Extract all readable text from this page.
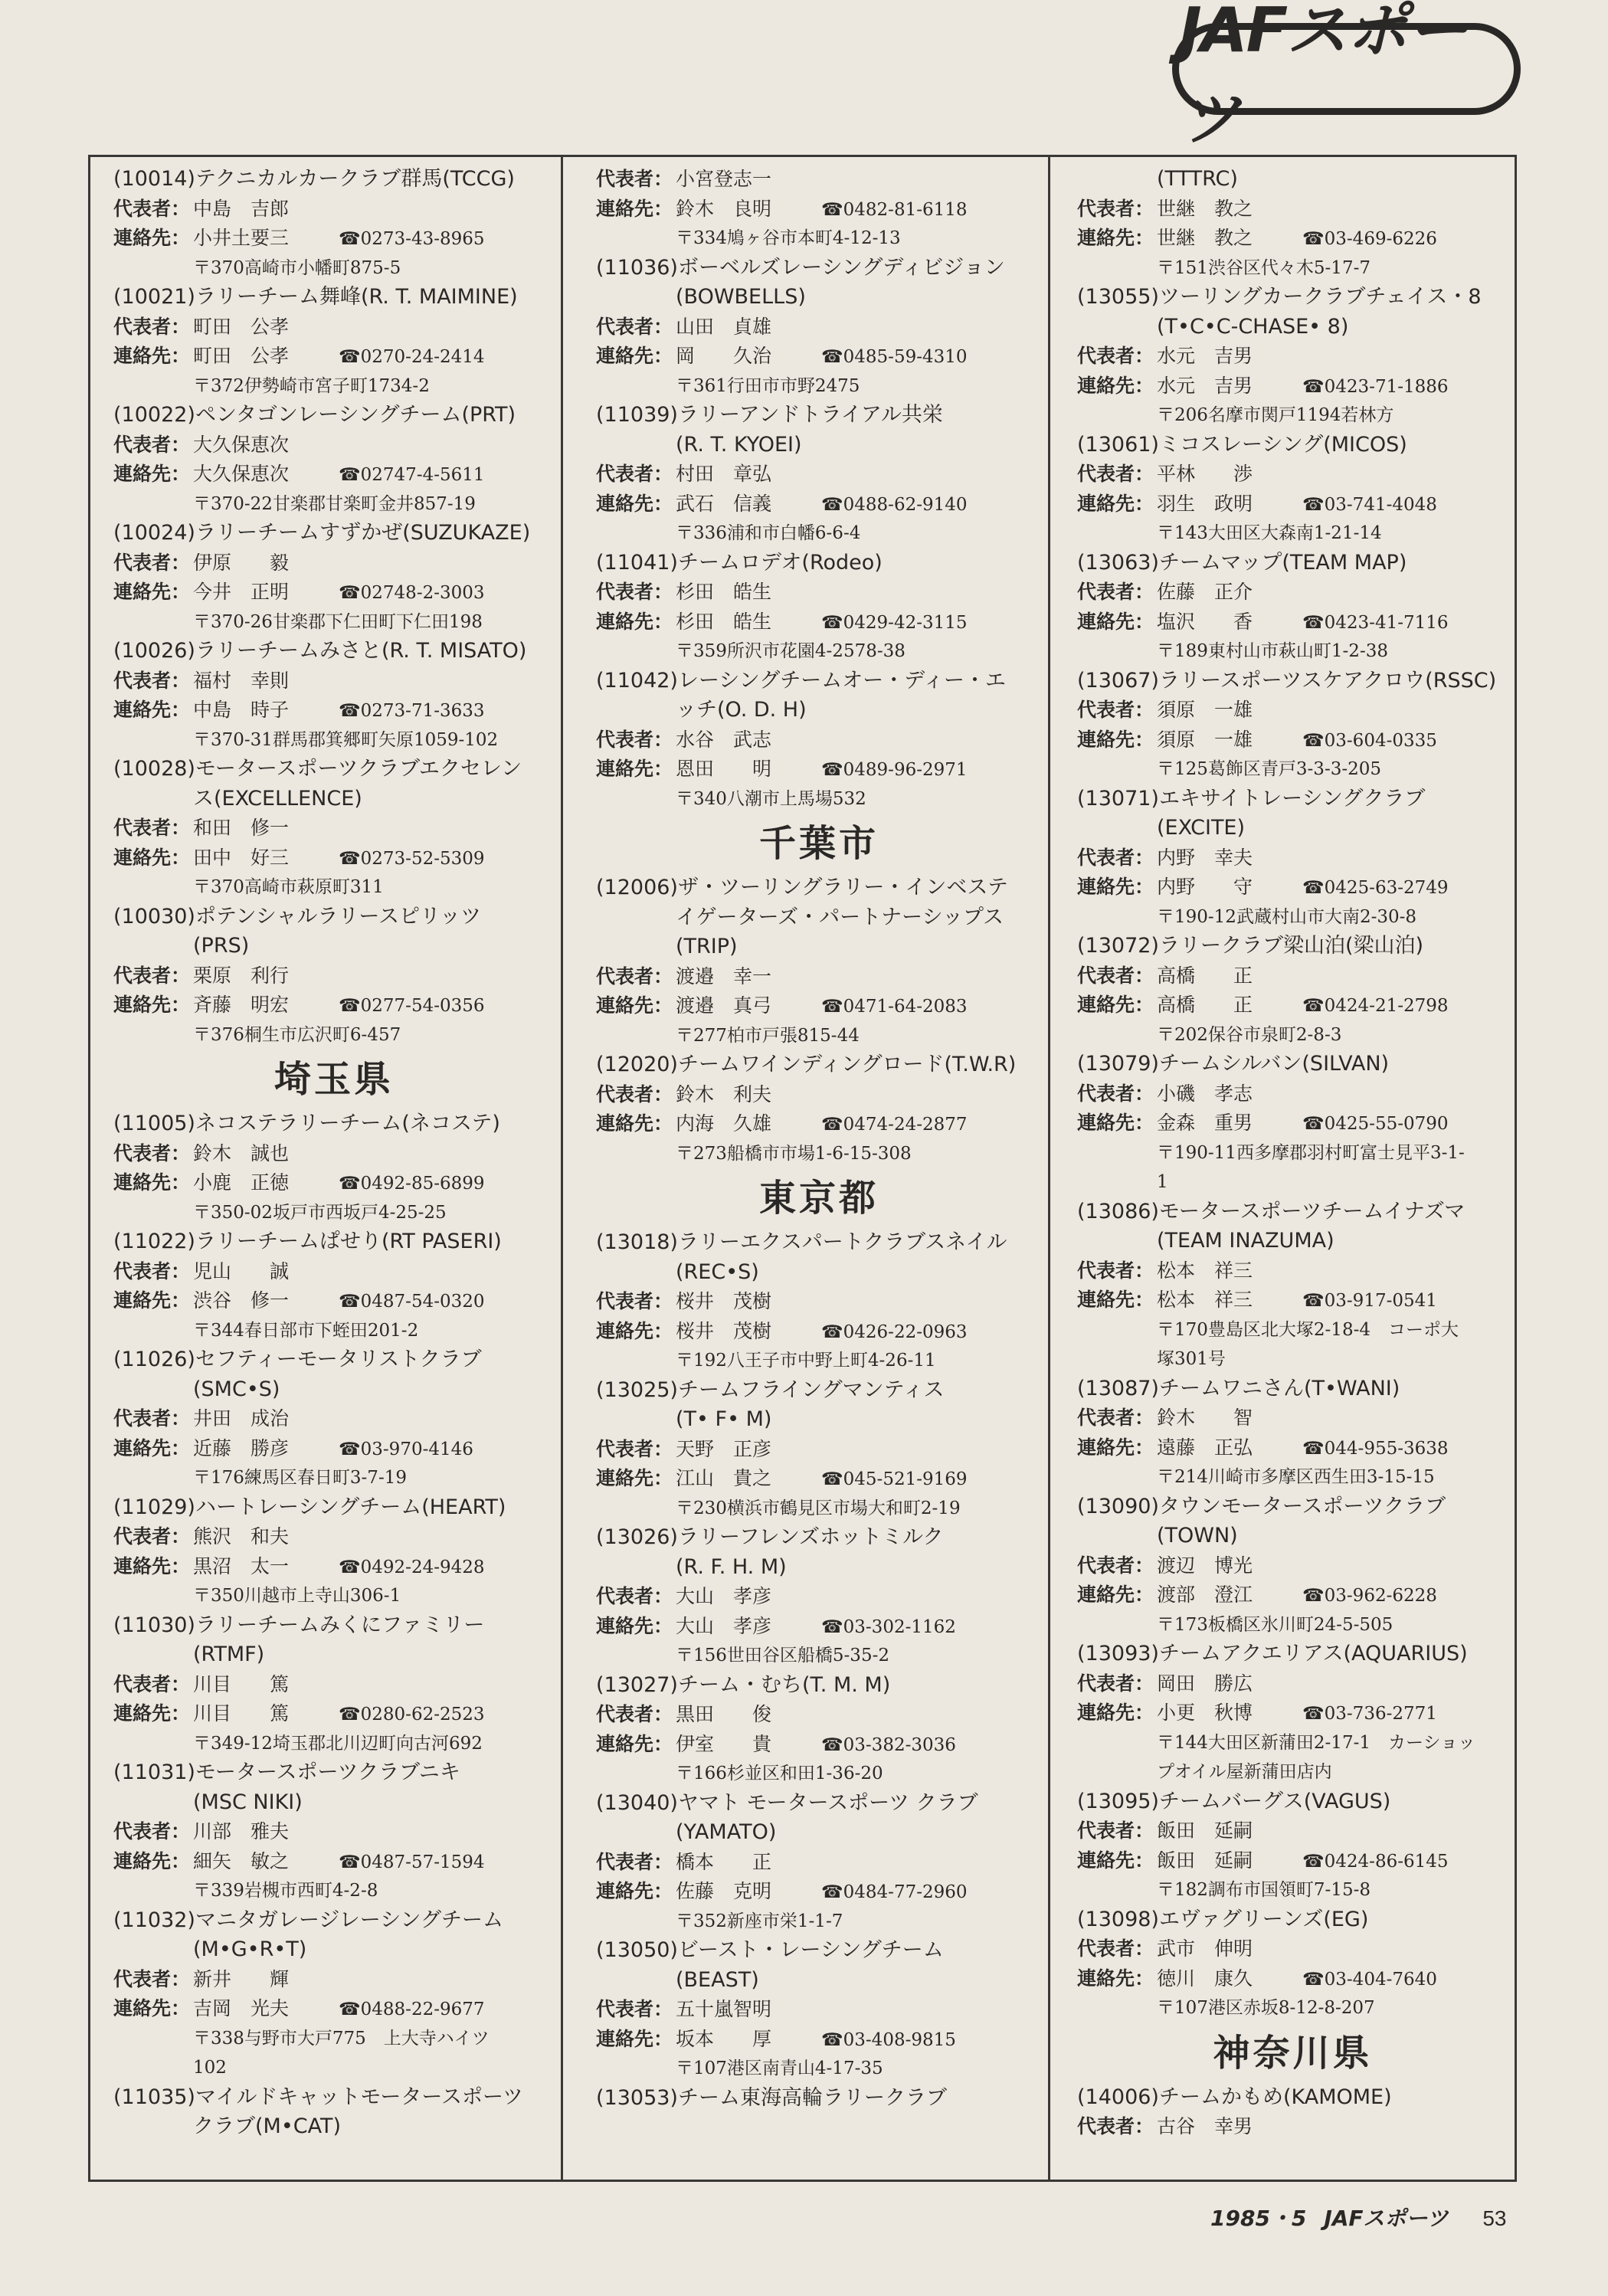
JAFスポーツ
(10014)テクニカルカークラブ群馬(TCCG)
代表者： 中島　吉郎
連絡先： 小井土要三	☎0273-43-8965
〒370高崎市小幡町875-5
(10021)ラリーチーム舞峰(R. T. MAIMINE)
代表者： 町田　公孝
連絡先： 町田　公孝	☎0270-24-2414
〒372伊勢崎市宮子町1734-2
(10022)ペンタゴンレーシングチーム(PRT)
代表者： 大久保恵次
連絡先： 大久保恵次	☎02747-4-5611
〒370-22甘楽郡甘楽町金井857-19
(10024)ラリーチームすずかぜ(SUZUKAZE)
代表者： 伊原　　毅
連絡先： 今井　正明	☎02748-2-3003
〒370-26甘楽郡下仁田町下仁田198
(10026)ラリーチームみさと(R. T. MISATO)
代表者： 福村　幸則
連絡先： 中島　時子	☎0273-71-3633
〒370-31群馬郡箕郷町矢原1059-102
(10028)モータースポーツクラブエクセレン
ス(EXCELLENCE)
代表者： 和田　修一
連絡先： 田中　好三	☎0273-52-5309
〒370高崎市萩原町311
(10030)ポテンシャルラリースピリッツ
(PRS)
代表者： 栗原　利行
連絡先： 斉藤　明宏	☎0277-54-0356
〒376桐生市広沢町6-457
埼玉県
(11005)ネコステラリーチーム(ネコステ)
代表者： 鈴木　誠也
連絡先： 小鹿　正徳	☎0492-85-6899
〒350-02坂戸市西坂戸4-25-25
(11022)ラリーチームぱせり(RT PASERI)
代表者： 児山　　誠
連絡先： 渋谷　修一	☎0487-54-0320
〒344春日部市下蛭田201-2
(11026)セフティーモータリストクラブ
(SMC•S)
代表者： 井田　成治
連絡先： 近藤　勝彦	☎03-970-4146
〒176練馬区春日町3-7-19
(11029)ハートレーシングチーム(HEART)
代表者： 熊沢　和夫
連絡先： 黒沼　太一	☎0492-24-9428
〒350川越市上寺山306-1
(11030)ラリーチームみくにファミリー
(RTMF)
代表者： 川目　　篤
連絡先： 川目　　篤	☎0280-62-2523
〒349-12埼玉郡北川辺町向古河692
(11031)モータースポーツクラブニキ
(MSC NIKI)
代表者： 川部　雅夫
連絡先： 細矢　敏之	☎0487-57-1594
〒339岩槻市西町4-2-8
(11032)マニタガレージレーシングチーム
(M•G•R•T)
代表者： 新井　　輝
連絡先： 吉岡　光夫	☎0488-22-9677
〒338与野市大戸775　上大寺ハイツ
102
(11035)マイルドキャットモータースポーツ
クラブ(M•CAT)
代表者： 小宮登志一
連絡先： 鈴木　良明	☎0482-81-6118
〒334鳩ヶ谷市本町4-12-13
(11036)ボーベルズレーシングディビジョン
(BOWBELLS)
代表者： 山田　貞雄
連絡先： 岡　　久治	☎0485-59-4310
〒361行田市市野2475
(11039)ラリーアンドトライアル共栄
(R. T. KYOEI)
代表者： 村田　章弘
連絡先： 武石　信義	☎0488-62-9140
〒336浦和市白幡6-6-4
(11041)チームロデオ(Rodeo)
代表者： 杉田　皓生
連絡先： 杉田　皓生	☎0429-42-3115
〒359所沢市花園4-2578-38
(11042)レーシングチームオー・ディー・エ
ッチ(O. D. H)
代表者： 水谷　武志
連絡先： 恩田　　明	☎0489-96-2971
〒340八潮市上馬場532
千葉市
(12006)ザ・ツーリングラリー・インベステ
イゲーターズ・パートナーシップス
(TRIP)
代表者： 渡邉　幸一
連絡先： 渡邉　真弓	☎0471-64-2083
〒277柏市戸張815-44
(12020)チームワインディングロード(T.W.R)
代表者： 鈴木　利夫
連絡先： 内海　久雄	☎0474-24-2877
〒273船橋市市場1-6-15-308
東京都
(13018)ラリーエクスパートクラブスネイル
(REC•S)
代表者： 桜井　茂樹
連絡先： 桜井　茂樹	☎0426-22-0963
〒192八王子市中野上町4-26-11
(13025)チームフライングマンティス
(T• F• M)
代表者： 天野　正彦
連絡先： 江山　貴之	☎045-521-9169
〒230横浜市鶴見区市場大和町2-19
(13026)ラリーフレンズホットミルク
(R. F. H. M)
代表者： 大山　孝彦
連絡先： 大山　孝彦	☎03-302-1162
〒156世田谷区船橋5-35-2
(13027)チーム・むち(T. M. M)
代表者： 黒田　　俊
連絡先： 伊室　　貴	☎03-382-3036
〒166杉並区和田1-36-20
(13040)ヤマト モータースポーツ クラブ
(YAMATO)
代表者： 橋本　　正
連絡先： 佐藤　克明	☎0484-77-2960
〒352新座市栄1-1-7
(13050)ビースト・レーシングチーム
(BEAST)
代表者： 五十嵐智明
連絡先： 坂本　　厚	☎03-408-9815
〒107港区南青山4-17-35
(13053)チーム東海高輪ラリークラブ
(TTTRC)
代表者： 世継　教之
連絡先： 世継　教之	☎03-469-6226
〒151渋谷区代々木5-17-7
(13055)ツーリングカークラブチェイス・8
(T•C•C-CHASE• 8)
代表者： 水元　吉男
連絡先： 水元　吉男	☎0423-71-1886
〒206名摩市関戸1194若林方
(13061)ミコスレーシング(MICOS)
代表者： 平林　　渉
連絡先： 羽生　政明	☎03-741-4048
〒143大田区大森南1-21-14
(13063)チームマップ(TEAM MAP)
代表者： 佐藤　正介
連絡先： 塩沢　　香	☎0423-41-7116
〒189東村山市萩山町1-2-38
(13067)ラリースポーツスケアクロウ(RSSC)
代表者： 須原　一雄
連絡先： 須原　一雄	☎03-604-0335
〒125葛飾区青戸3-3-3-205
(13071)エキサイトレーシングクラブ
(EXCITE)
代表者： 内野　幸夫
連絡先： 内野　　守	☎0425-63-2749
〒190-12武蔵村山市大南2-30-8
(13072)ラリークラブ梁山泊(梁山泊)
代表者： 高橋　　正
連絡先： 高橋　　正	☎0424-21-2798
〒202保谷市泉町2-8-3
(13079)チームシルバン(SILVAN)
代表者： 小磯　孝志
連絡先： 金森　重男	☎0425-55-0790
〒190-11西多摩郡羽村町富士見平3-1-
1
(13086)モータースポーツチームイナズマ
(TEAM INAZUMA)
代表者： 松本　祥三
連絡先： 松本　祥三	☎03-917-0541
〒170豊島区北大塚2-18-4　コーポ大
塚301号
(13087)チームワニさん(T•WANI)
代表者： 鈴木　　智
連絡先： 遠藤　正弘	☎044-955-3638
〒214川崎市多摩区西生田3-15-15
(13090)タウンモータースポーツクラブ
(TOWN)
代表者： 渡辺　博光
連絡先： 渡部　澄江	☎03-962-6228
〒173板橋区氷川町24-5-505
(13093)チームアクエリアス(AQUARIUS)
代表者： 岡田　勝広
連絡先： 小更　秋博	☎03-736-2771
〒144大田区新蒲田2-17-1　カーショッ
プオイル屋新蒲田店内
(13095)チームバーグス(VAGUS)
代表者： 飯田　延嗣
連絡先： 飯田　延嗣	☎0424-86-6145
〒182調布市国領町7-15-8
(13098)エヴァグリーンズ(EG)
代表者： 武市　伸明
連絡先： 徳川　康久	☎03-404-7640
〒107港区赤坂8-12-8-207
神奈川県
(14006)チームかもめ(KAMOME)
代表者： 古谷　幸男
1985・5 JAFスポーツ 53
